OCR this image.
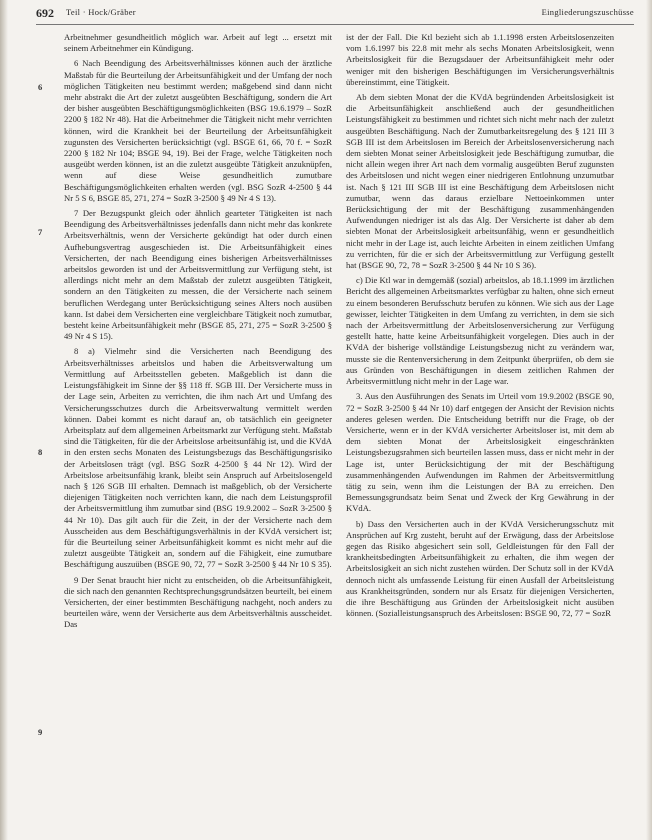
692 Teil · Hock/Gräber	Eingliederungszuschüsse
6
7
8
9

Arbeitnehmer gesundheitlich möglich war. Arbeit auf legt ... ersetzt mit seinem Arbeitnehmer ein Kündigung.

6 Nach Beendigung des Arbeitsverhältnisses können auch der ärztliche Maßstab für die Beurteilung der Arbeitsunfähigkeit und der Umfang der noch möglichen Tätigkeiten neu bestimmt werden; maßgebend sind dann nicht mehr abstrakt die Art der zuletzt ausgeübten Beschäftigung, sondern die Art der bisher ausgeübten Beschäftigungsmöglichkeiten (BSG 19.6.1979 – SozR 2200 § 182 Nr 48). Hat die Arbeitnehmer die Tätigkeit nicht mehr verrichten können, wird die Krankheit bei der Beurteilung der Arbeitsunfähigkeit zugunsten des Versicherten berücksichtigt (vgl. BSGE 61, 66, 70 f. = SozR 2200 § 182 Nr 104; BSGE 94, 19). Bei der Frage, welche Tätigkeiten noch ausgeübt werden können, ist an die zuletzt ausgeübte Tätigkeit anzuknüpfen, wenn auf diese Weise gesundheitlich zumutbare Beschäftigungsmöglichkeiten erhalten werden (vgl. BSG SozR 4-2500 § 44 Nr 5 S 6, BSGE 85, 271, 274 = SozR 3-2500 § 49 Nr 4 S 13).

7 Der Bezugspunkt gleich oder ähnlich gearteter Tätigkeiten ist nach Beendigung des Arbeitsverhältnisses jedenfalls dann nicht mehr das konkrete Arbeitsverhältnis, wenn der Versicherte gekündigt hat oder durch einen Aufhebungsvertrag ausgeschieden ist. Die Arbeitsunfähigkeit eines Versicherten, der nach Beendigung eines bisherigen Arbeitsverhältnisses arbeitslos geworden ist und der Arbeitsvermittlung zur Verfügung steht, ist allerdings nicht mehr an dem Maßstab der zuletzt ausgeübten Tätigkeit, sondern an den Tätigkeiten zu messen, die der Versicherte nach seinem beruflichen Werdegang unter Berücksichtigung seines Alters noch ausüben kann. Ist dabei dem Versicherten eine vergleichbare Tätigkeit noch zumutbar, besteht keine Arbeitsunfähigkeit mehr (BSGE 85, 271, 275 = SozR 3-2500 § 49 Nr 4 S 15).

8 a) Vielmehr sind die Versicherten nach Beendigung des Arbeitsverhältnisses arbeitslos und haben die Arbeitsverwaltung um Vermittlung auf Arbeitsstellen gebeten. Maßgeblich ist dann die Leistungsfähigkeit im Sinne der §§ 118 ff. SGB III. Der Versicherte muss in der Lage sein, Arbeiten zu verrichten, die ihm nach Art und Umfang des Versicherungsschutzes durch die Arbeitsverwaltung vermittelt werden können. Dabei kommt es nicht darauf an, ob tatsächlich ein geeigneter Arbeitsplatz auf dem allgemeinen Arbeitsmarkt zur Verfügung steht. Maßstab sind die Tätigkeiten, für die der Arbeitslose arbeitsunfähig ist, und die KVdA in den ersten sechs Monaten des Leistungsbezugs das Beschäftigungsrisiko der Arbeitslosen trägt (vgl. BSG SozR 4-2500 § 44 Nr 12). Wird der Arbeitslose arbeitsunfähig krank, bleibt sein Anspruch auf Arbeitslosengeld nach § 126 SGB III erhalten. Demnach ist maßgeblich, ob der Versicherte diejenigen Tätigkeiten noch verrichten kann, die nach dem Leistungsprofil der Arbeitsvermittlung ihm zumutbar sind (BSG 19.9.2002 – SozR 3-2500 § 44 Nr 10). Das gilt auch für die Zeit, in der der Versicherte nach dem Ausscheiden aus dem Beschäftigungsverhältnis in der KVdA versichert ist; für die Beurteilung seiner Arbeitsunfähigkeit kommt es nicht mehr auf die zuletzt ausgeübte Tätigkeit an, sondern auf die Fähigkeit, eine zumutbare Beschäftigung auszuüben (BSGE 90, 72, 77 = SozR 3-2500 § 44 Nr 10 S 35).

9 Der Senat braucht hier nicht zu entscheiden, ob die Arbeitsunfähigkeit, die sich nach den genannten Rechtsprechungsgrundsätzen beurteilt, bei einem Versicherten, der einer bestimmten Beschäftigung nachgeht, noch anders zu beurteilen wäre, wenn der Versicherte aus dem Arbeitsverhältnis ausscheidet. Das

ist der der Fall. Die Ktl bezieht sich ab 1.1.1998 ersten Arbeitslosenzeiten vom 1.6.1997 bis 22.8 mit mehr als sechs Monaten Arbeitslosigkeit, wenn Arbeitslosigkeit für die Bezugsdauer der Arbeitsunfähigkeit mehr oder weniger mit den bisherigen Beschäftigungen im Versicherungsverhältnis übereinstimmt, eine Tätigkeit.

Ab dem siebten Monat der die KVdA begründenden Arbeitslosigkeit ist die Arbeitsunfähigkeit anschließend auch der gesundheitlichen Leistungsfähigkeit zu bestimmen und richtet sich nicht mehr nach der zuletzt ausgeübten Beschäftigung. Nach der Zumutbarkeitsregelung des § 121 III 3 SGB III ist dem Arbeitslosen im Bereich der Arbeitslosenversicherung nach dem siebten Monat seiner Arbeitslosigkeit jede Beschäftigung zumutbar, die nicht allein wegen ihrer Art nach dem vormalig ausgeübten Beruf zugunsten des Arbeitslosen und nicht wegen einer niedrigeren Entlohnung unzumutbar ist. Nach § 121 III SGB III ist eine Beschäftigung dem Arbeitslosen nicht zumutbar, wenn das daraus erzielbare Nettoeinkommen unter Berücksichtigung der mit der Beschäftigung zusammenhängenden Aufwendungen niedriger ist als das Alg. Der Versicherte ist daher ab dem siebten Monat der Arbeitslosigkeit arbeitsunfähig, wenn er gesundheitlich nicht mehr in der Lage ist, auch leichte Arbeiten in einem zeitlichen Umfang zu verrichten, für die er sich der Arbeitsvermittlung zur Verfügung gestellt hat (BSGE 90, 72, 78 = SozR 3-2500 § 44 Nr 10 S 36).

c) Die Ktl war in demgemäß (sozial) arbeitslos, ab 18.1.1999 im ärztlichen Bericht des allgemeinen Arbeitsmarktes verfügbar zu halten, ohne sich erneut zu einem besonderen Berufsschutz berufen zu können. Wie sich aus der Lage gewisser, leichter Tätigkeiten in dem Umfang zu verrichten, in dem sie sich nach der Arbeitsvermittlung der Arbeitslosenversicherung zur Verfügung gestellt hatte, hatte keine Arbeitsunfähigkeit vorgelegen. Dies auch in der KVdA der bisherige vollständige Leistungsbezug nicht zu verändern war, musste sie die Rentenversicherung in dem Zeitpunkt überprüfen, ob dem sie aus Gründen von Beschäftigungen in diesem zeitlichen Rahmen der Arbeitsvermittlung nicht mehr in der Lage war.

3. Aus den Ausführungen des Senats im Urteil vom 19.9.2002 (BSGE 90, 72 = SozR 3-2500 § 44 Nr 10) darf entgegen der Ansicht der Revision nichts anderes gelesen werden. Die Entscheidung betrifft nur die Frage, ob der Versicherte, wenn er in der KVdA versicherter Arbeitsloser ist, mit dem ab dem siebten Monat der Arbeitslosigkeit eingeschränkten Leistungsbezugsrahmen sich beurteilen lassen muss, dass er nicht mehr in der Lage ist, unter Berücksichtigung der mit der Beschäftigung zusammenhängenden Aufwendungen im Rahmen der Arbeitsvermittlung tätig zu sein, wenn ihm die Leistungen der BA zu erreichen. Den Bemessungsgrundsatz beim Senat und Zweck der Krg Gewährung in der KVdA.

b) Dass den Versicherten auch in der KVdA Versicherungsschutz mit Ansprüchen auf Krg zusteht, beruht auf der Erwägung, dass der Arbeitslose gegen das Risiko abgesichert sein soll, Geldleistungen für den Fall der krankheitsbedingten Arbeitsunfähigkeit zu erhalten, die ihm wegen der Arbeitslosigkeit an sich nicht zustehen würden. Der Schutz soll in der KVdA dennoch nicht als umfassende Leistung für einen Ausfall der Arbeitsleistung aus Krankheitsgründen, sondern nur als Ersatz für diejenigen Versicherten, die ihre Beschäftigung aus Gründen der Arbeitslosigkeit nicht ausüben können. (Sozialleistungsanspruch des Arbeitslosen: BSGE 90, 72, 77 = SozR
